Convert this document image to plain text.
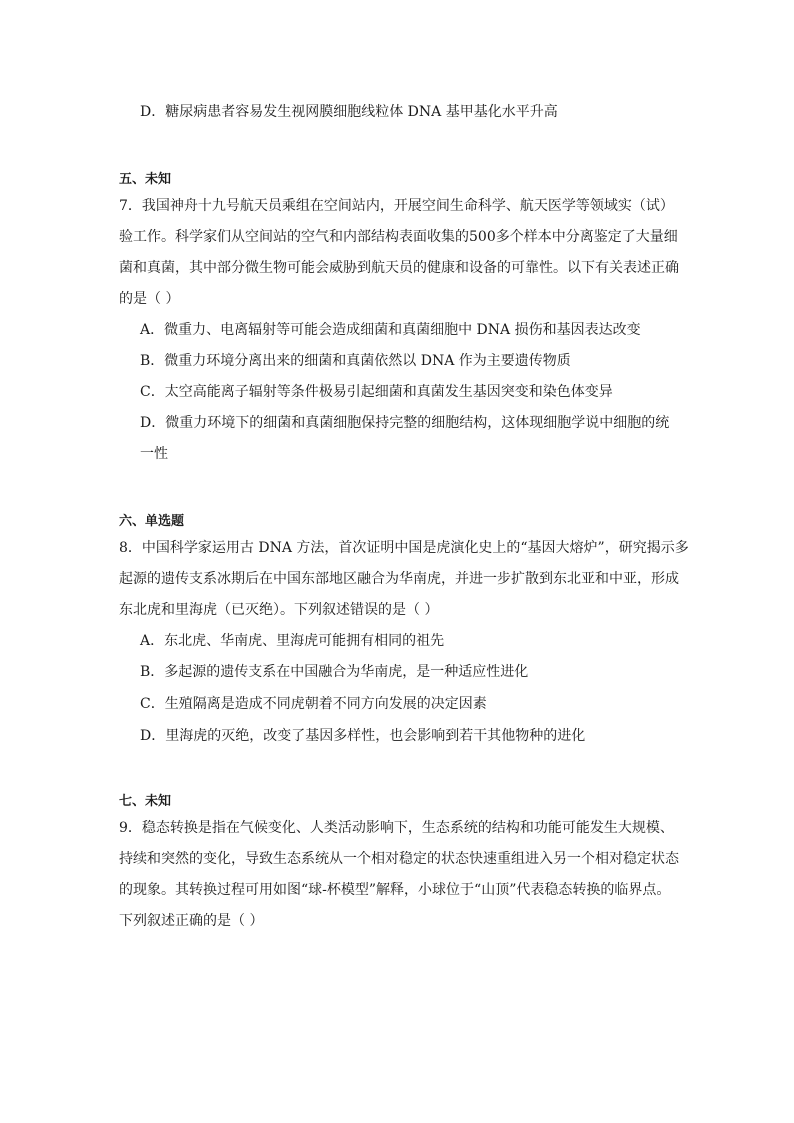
D．糖尿病患者容易发生视网膜细胞线粒体 DNA 基甲基化水平升高
五、未知
7．我国神舟十九号航天员乘组在空间站内，开展空间生命科学、航天医学等领域实（试）
验工作。科学家们从空间站的空气和内部结构表面收集的500多个样本中分离鉴定了大量细
菌和真菌，其中部分微生物可能会威胁到航天员的健康和设备的可靠性。以下有关表述正确
的是（ ）
A．微重力、电离辐射等可能会造成细菌和真菌细胞中 DNA 损伤和基因表达改变
B．微重力环境分离出来的细菌和真菌依然以 DNA 作为主要遗传物质
C．太空高能离子辐射等条件极易引起细菌和真菌发生基因突变和染色体变异
D．微重力环境下的细菌和真菌细胞保持完整的细胞结构，这体现细胞学说中细胞的统
一性
六、单选题
8．中国科学家运用古 DNA 方法，首次证明中国是虎演化史上的“基因大熔炉”，研究揭示多
起源的遗传支系冰期后在中国东部地区融合为华南虎，并进一步扩散到东北亚和中亚，形成
东北虎和里海虎（已灭绝）。下列叙述错误的是（ ）
A．东北虎、华南虎、里海虎可能拥有相同的祖先
B．多起源的遗传支系在中国融合为华南虎，是一种适应性进化
C．生殖隔离是造成不同虎朝着不同方向发展的决定因素
D．里海虎的灭绝，改变了基因多样性，也会影响到若干其他物种的进化
七、未知
9．稳态转换是指在气候变化、人类活动影响下，生态系统的结构和功能可能发生大规模、
持续和突然的变化，导致生态系统从一个相对稳定的状态快速重组进入另一个相对稳定状态
的现象。其转换过程可用如图“球-杯模型”解释，小球位于“山顶”代表稳态转换的临界点。
下列叙述正确的是（ ）
